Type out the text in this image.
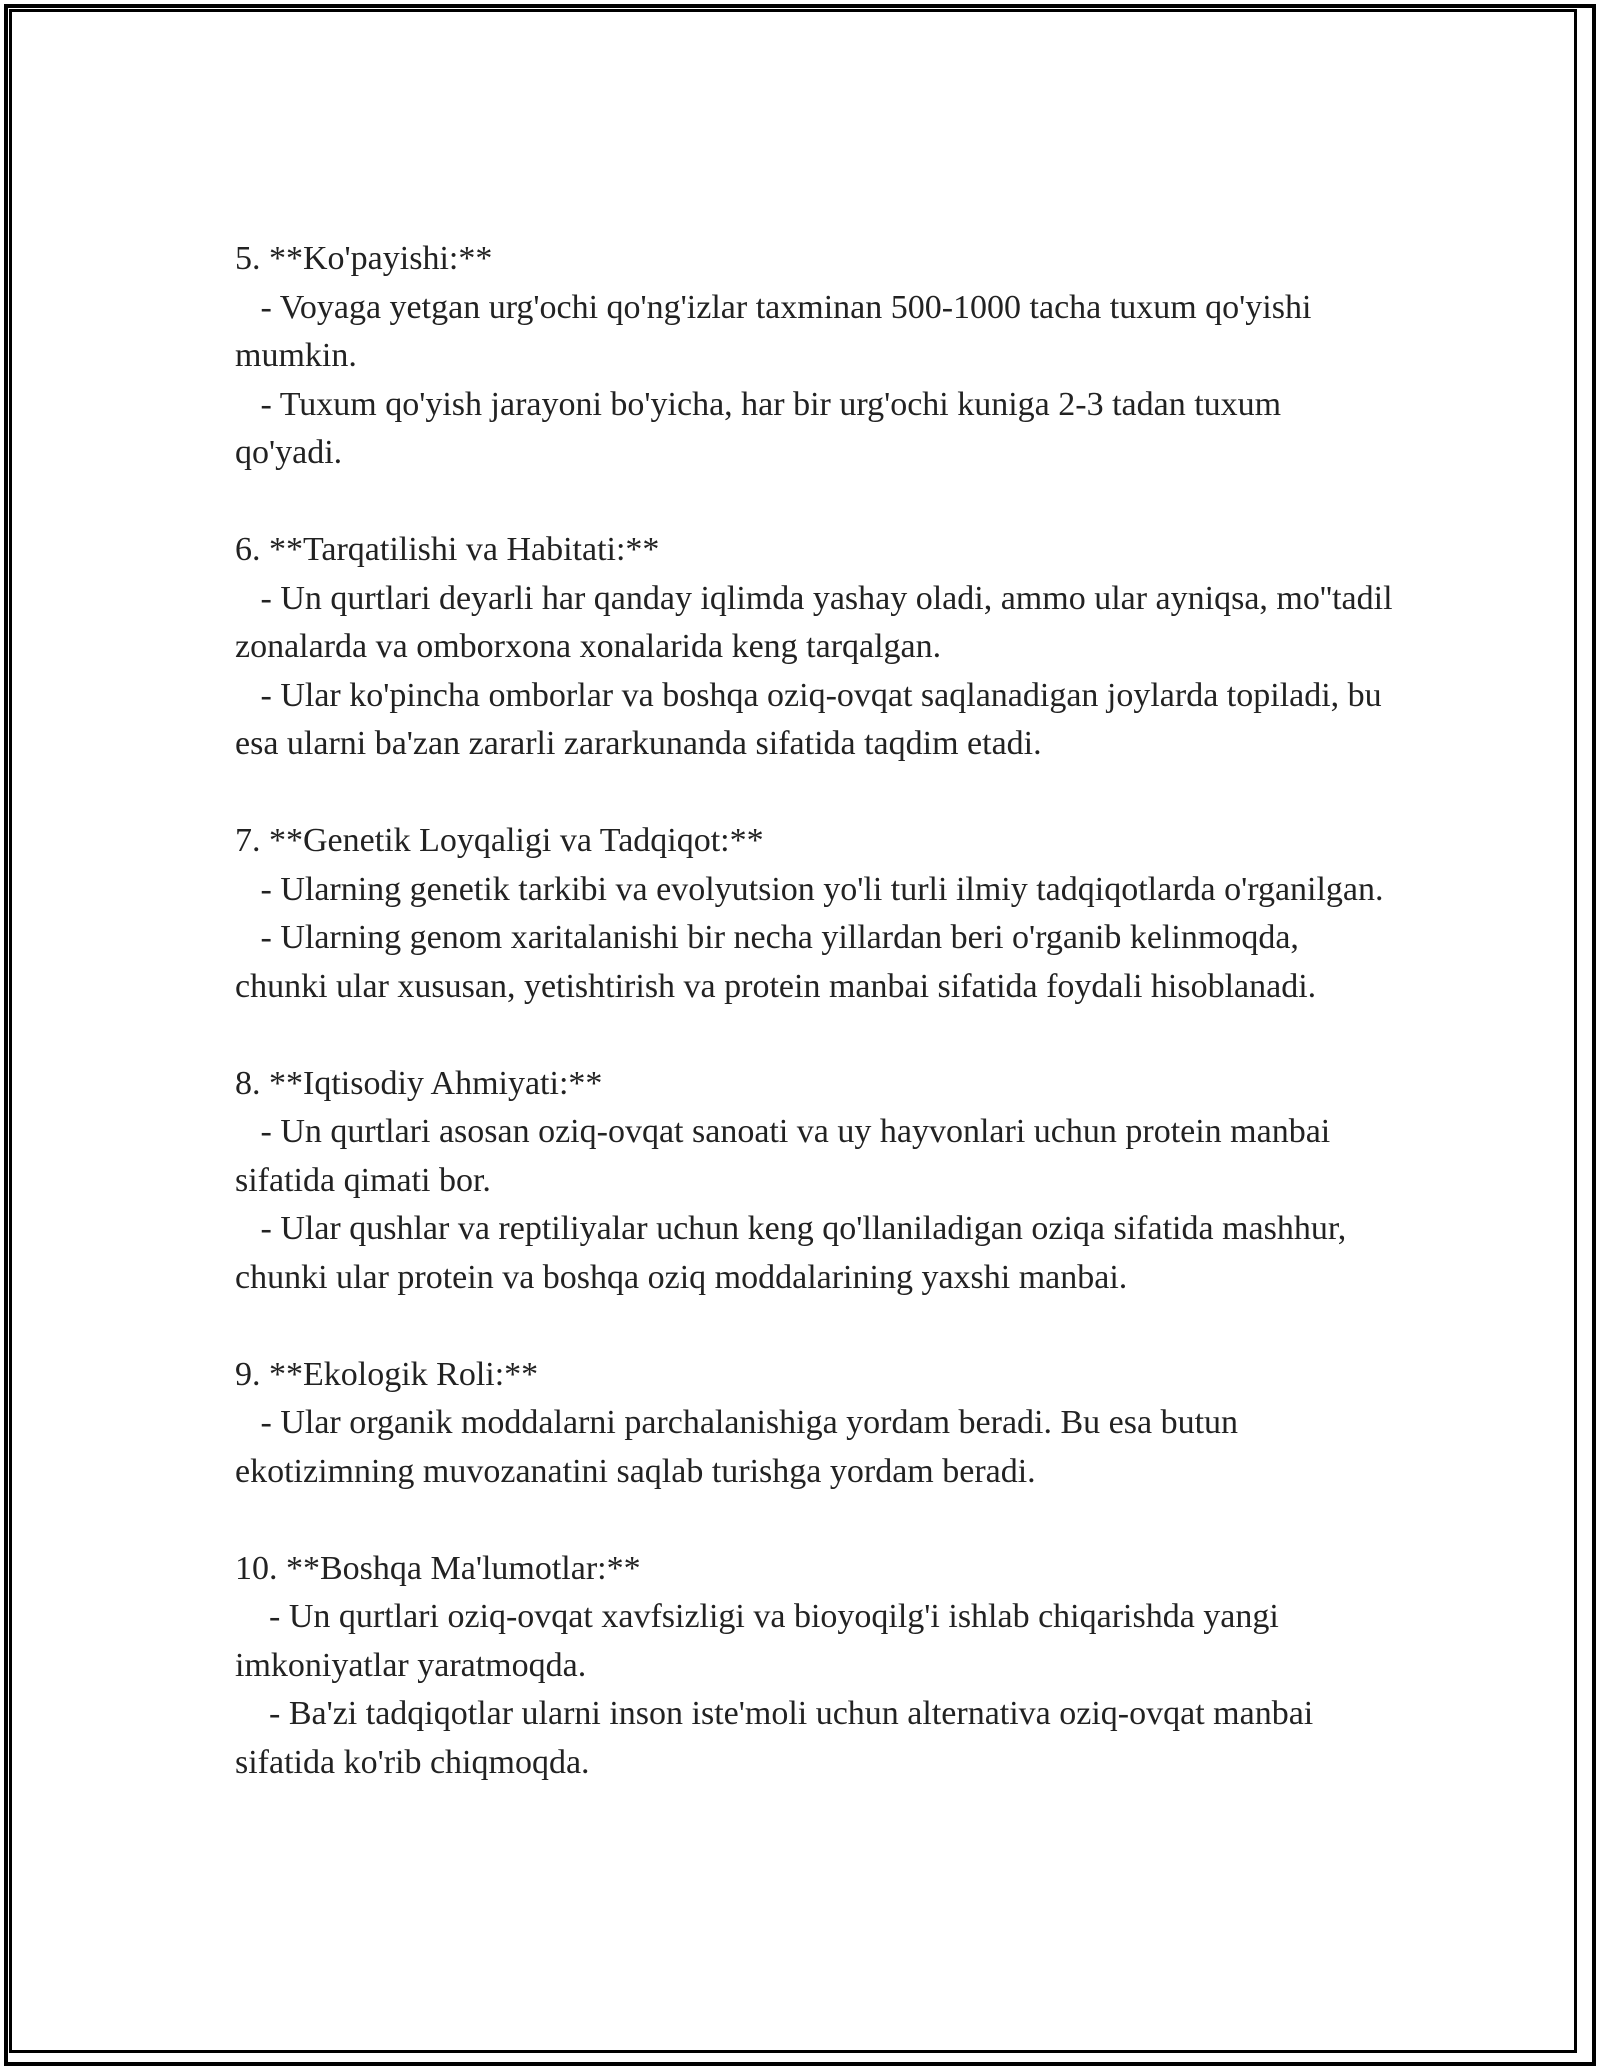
5. **Ko'payishi:**

- Voyaga yetgan urg'ochi qo'ng'izlar taxminan 500-1000 tacha tuxum qo'yishi mumkin.

- Tuxum qo'yish jarayoni bo'yicha, har bir urg'ochi kuniga 2-3 tadan tuxum qo'yadi.

6. **Tarqatilishi va Habitati:**

- Un qurtlari deyarli har qanday iqlimda yashay oladi, ammo ular ayniqsa, mo''tadil zonalarda va omborxona xonalarida keng tarqalgan.

- Ular ko'pincha omborlar va boshqa oziq-ovqat saqlanadigan joylarda topiladi, bu esa ularni ba'zan zararli zararkunanda sifatida taqdim etadi.

7. **Genetik Loyqaligi va Tadqiqot:**

- Ularning genetik tarkibi va evolyutsion yo'li turli ilmiy tadqiqotlarda o'rganilgan.

- Ularning genom xaritalanishi bir necha yillardan beri o'rganib kelinmoqda, chunki ular xususan, yetishtirish va protein manbai sifatida foydali hisoblanadi.

8. **Iqtisodiy Ahmiyati:**

- Un qurtlari asosan oziq-ovqat sanoati va uy hayvonlari uchun protein manbai sifatida qimati bor.

- Ular qushlar va reptiliyalar uchun keng qo'llaniladigan oziqa sifatida mashhur, chunki ular protein va boshqa oziq moddalarining yaxshi manbai.

9. **Ekologik Roli:**

- Ular organik moddalarni parchalanishiga yordam beradi. Bu esa butun ekotizimning muvozanatini saqlab turishga yordam beradi.

10. **Boshqa Ma'lumotlar:**

- Un qurtlari oziq-ovqat xavfsizligi va bioyoqilg'i ishlab chiqarishda yangi imkoniyatlar yaratmoqda.

- Ba'zi tadqiqotlar ularni inson iste'moli uchun alternativa oziq-ovqat manbai sifatida ko'rib chiqmoqda.
